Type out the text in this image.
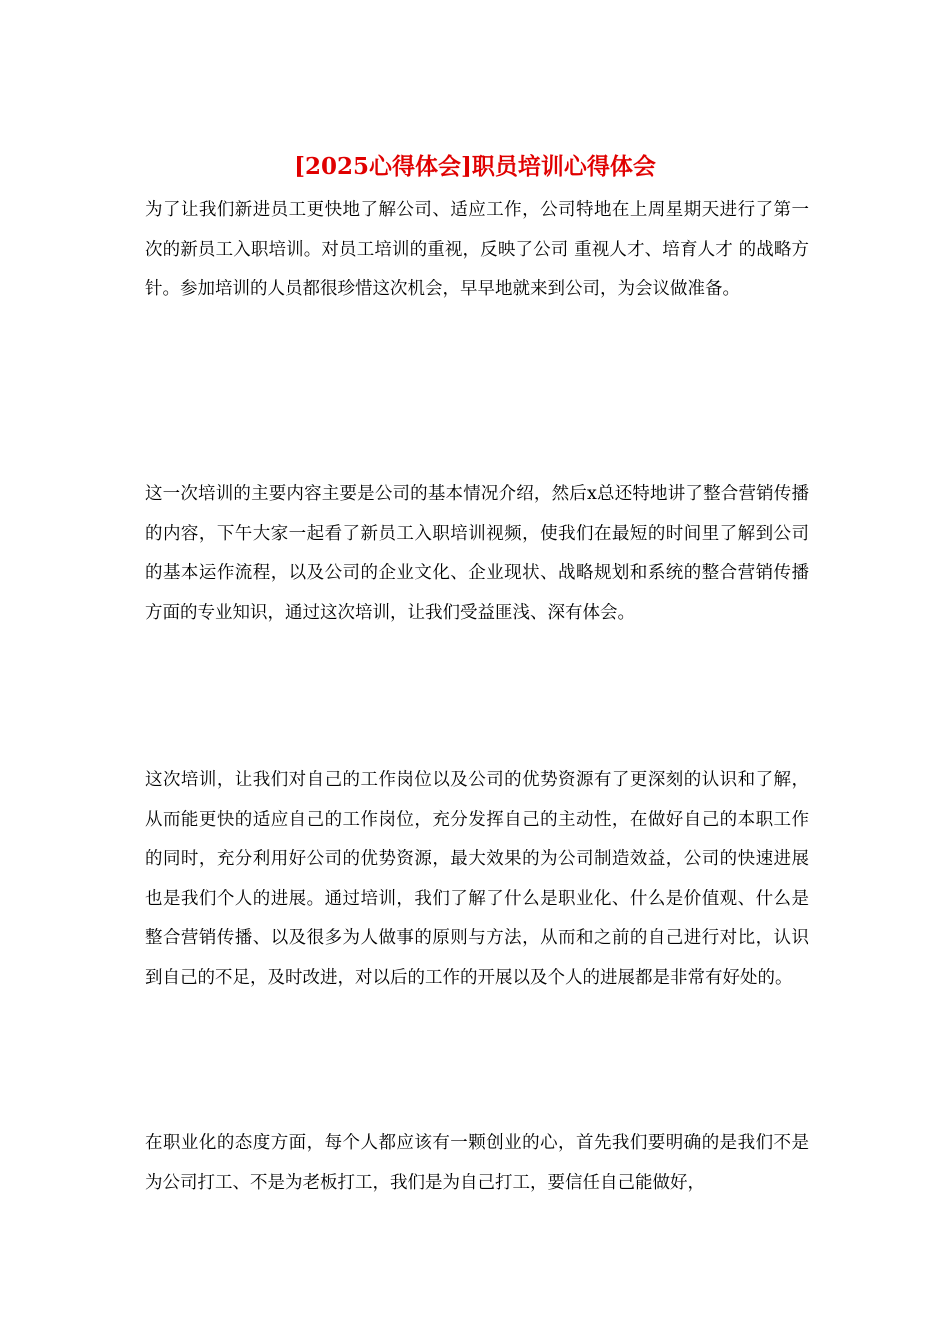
[2025心得体会]职员培训心得体会

为了让我们新进员工更快地了解公司、适应工作，公司特地在上周星期天进行了第一次的新员工入职培训。对员工培训的重视，反映了公司 重视人才、培育人才 的战略方针。参加培训的人员都很珍惜这次机会，早早地就来到公司，为会议做准备。

这一次培训的主要内容主要是公司的基本情况介绍，然后x总还特地讲了整合营销传播的内容，下午大家一起看了新员工入职培训视频，使我们在最短的时间里了解到公司的基本运作流程，以及公司的企业文化、企业现状、战略规划和系统的整合营销传播方面的专业知识，通过这次培训，让我们受益匪浅、深有体会。

这次培训，让我们对自己的工作岗位以及公司的优势资源有了更深刻的认识和了解，从而能更快的适应自己的工作岗位，充分发挥自己的主动性，在做好自己的本职工作的同时，充分利用好公司的优势资源，最大效果的为公司制造效益，公司的快速进展也是我们个人的进展。通过培训，我们了解了什么是职业化、什么是价值观、什么是整合营销传播、以及很多为人做事的原则与方法，从而和之前的自己进行对比，认识到自己的不足，及时改进，对以后的工作的开展以及个人的进展都是非常有好处的。

在职业化的态度方面，每个人都应该有一颗创业的心，首先我们要明确的是我们不是为公司打工、不是为老板打工，我们是为自己打工，要信任自己能做好，
